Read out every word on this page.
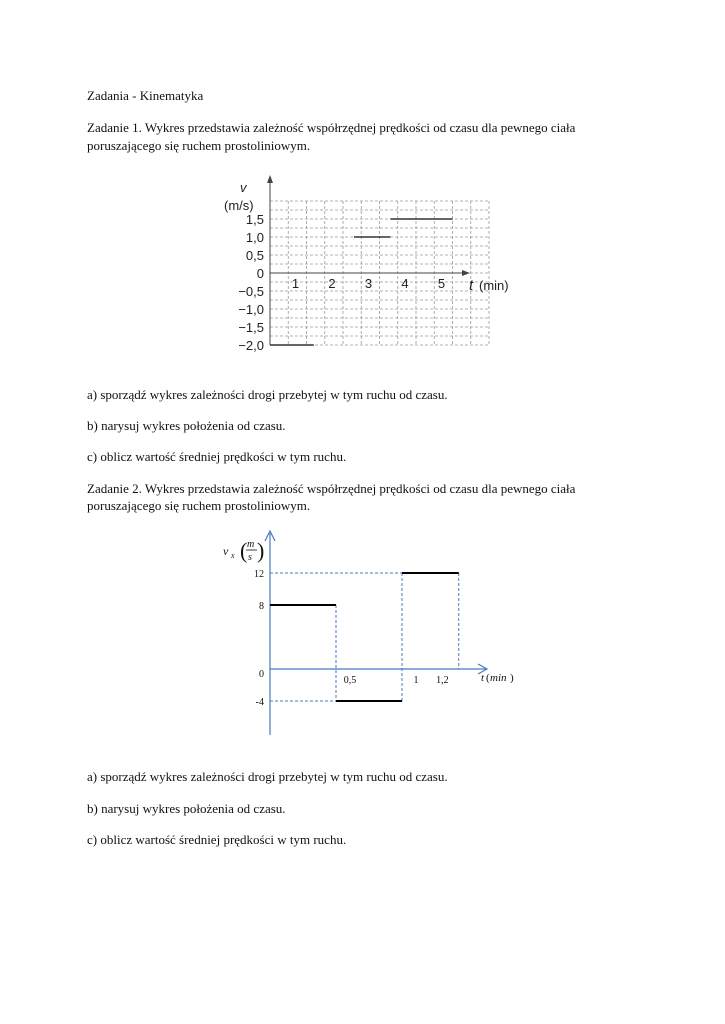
Zadania - Kinematyka

Zadanie 1. Wykres przedstawia zależność współrzędnej prędkości od czasu dla pewnego ciała

poruszającego się ruchem prostoliniowym.

1,5
1,0
0,5
0
−0,5
−1,0
−1,5
−2,0
1 2 3 4 5
v
(m/s)
t (min)

a) sporządź wykres zależności drogi przebytej w tym ruchu od czasu.

b) narysuj wykres położenia od czasu.

c) oblicz wartość średniej prędkości w tym ruchu.

Zadanie 2. Wykres przedstawia zależność współrzędnej prędkości od czasu dla pewnego ciała

poruszającego się ruchem prostoliniowym.

12
8
0
-4
0,5	1 1,2
v x ( m
s )
t ( min )

a) sporządź wykres zależności drogi przebytej w tym ruchu od czasu.

b) narysuj wykres położenia od czasu.

c) oblicz wartość średniej prędkości w tym ruchu.
